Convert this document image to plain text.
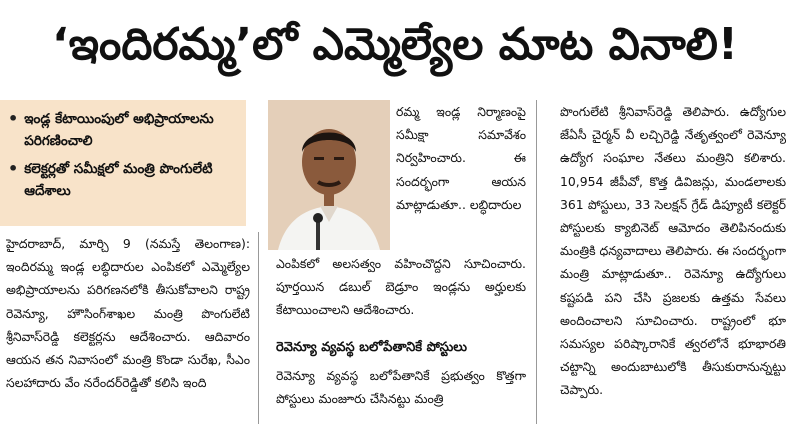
‘ఇందిరమ్మ’లో ఎమ్మెల్యేల మాట వినాలి!
• ఇండ్ల కేటాయింపులో అభిప్రాయాలను పరిగణించాలి
• కలెక్టర్లతో సమీక్షలో మంత్రి పొంగులేటి ఆదేశాలు
హైదరాబాద్, మార్చి 9 (నమస్తే తెలంగాణ): ఇందిరమ్మ ఇండ్ల లబ్ధిదారుల ఎంపికలో ఎమ్మెల్యేల అభిప్రాయాలను పరిగణనలోకి తీసుకోవాలని రాష్ట్ర రెవెన్యూ, హౌసింగ్‌శాఖల మంత్రి పొంగులేటి శ్రీనివాస్‌రెడ్డి కలెక్టర్లను ఆదేశించారు. ఆదివారం ఆయన తన నివాసంలో మంత్రి కొండా సురేఖ, సీఎం సలహాదారు వేం నరేందర్‌రెడ్డితో కలిసి ఇంది
రమ్మ ఇండ్ల నిర్మాణంపై సమీక్షా సమావేశం నిర్వహించారు. ఈ సందర్భంగా ఆయన మాట్లాడుతూ.. లబ్ధిదారుల
ఎంపికలో అలసత్వం వహించొద్దని సూచించారు. పూర్తయిన డబుల్ బెడ్రూం ఇండ్లను అర్హులకు కేటాయించాలని ఆదేశించారు.
రెవెన్యూ వ్యవస్థ బలోపేతానికే పోస్టులు
రెవెన్యూ వ్యవస్థ బలోపేతానికే ప్రభుత్వం కొత్తగా పోస్టులు మంజూరు చేసినట్టు మంత్రి
పొంగులేటి శ్రీనివాస్‌రెడ్డి తెలిపారు. ఉద్యోగుల జేఏసీ చైర్మన్ వీ లచ్చిరెడ్డి నేతృత్వంలో రెవెన్యూ ఉద్యోగ సంఘాల నేతలు మంత్రిని కలిశారు. 10,954 జీపీవో, కొత్త డివిజన్లు, మండలాలకు 361 పోస్టులు, 33 సెలక్షన్ గ్రేడ్ డిప్యూటీ కలెక్టర్ పోస్టులకు క్యాబినెట్ ఆమోదం తెలిపినందుకు మంత్రికి ధన్యవాదాలు తెలిపారు. ఈ సందర్భంగా మంత్రి మాట్లాడుతూ.. రెవెన్యూ ఉద్యోగులు కష్టపడి పని చేసి ప్రజలకు ఉత్తమ సేవలు అందించాలని సూచించారు. రాష్ట్రంలో భూ సమస్యల పరిష్కారానికే త్వరలోనే భూభారతి చట్టాన్ని అందుబాటులోకి తీసుకురానున్నట్టు చెప్పారు.
